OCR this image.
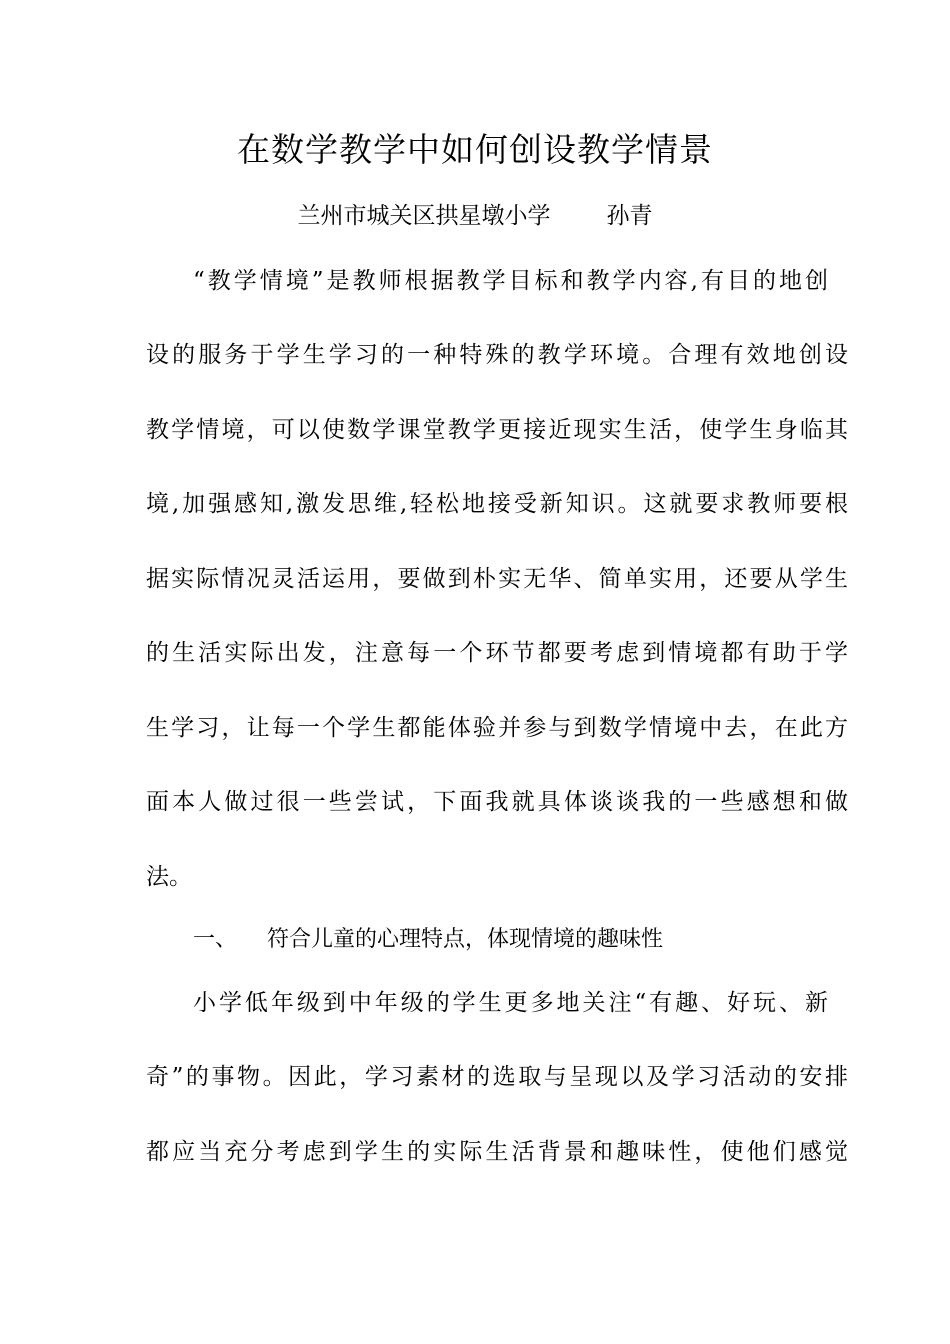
在数学教学中如何创设教学情景
兰州市城关区拱星墩小学 孙青
“教学情境”是教师根据教学目标和教学内容,有目的地创
设的服务于学生学习的一种特殊的教学环境。合理有效地创设
教学情境，可以使数学课堂教学更接近现实生活，使学生身临其
境,加强感知,激发思维,轻松地接受新知识。这就要求教师要根
据实际情况灵活运用，要做到朴实无华、简单实用，还要从学生
的生活实际出发，注意每一个环节都要考虑到情境都有助于学
生学习，让每一个学生都能体验并参与到数学情境中去，在此方
面本人做过很一些尝试，下面我就具体谈谈我的一些感想和做
法。
一、 符合儿童的心理特点，体现情境的趣味性
小学低年级到中年级的学生更多地关注“有趣、好玩、新
奇”的事物。因此，学习素材的选取与呈现以及学习活动的安排
都应当充分考虑到学生的实际生活背景和趣味性，使他们感觉
